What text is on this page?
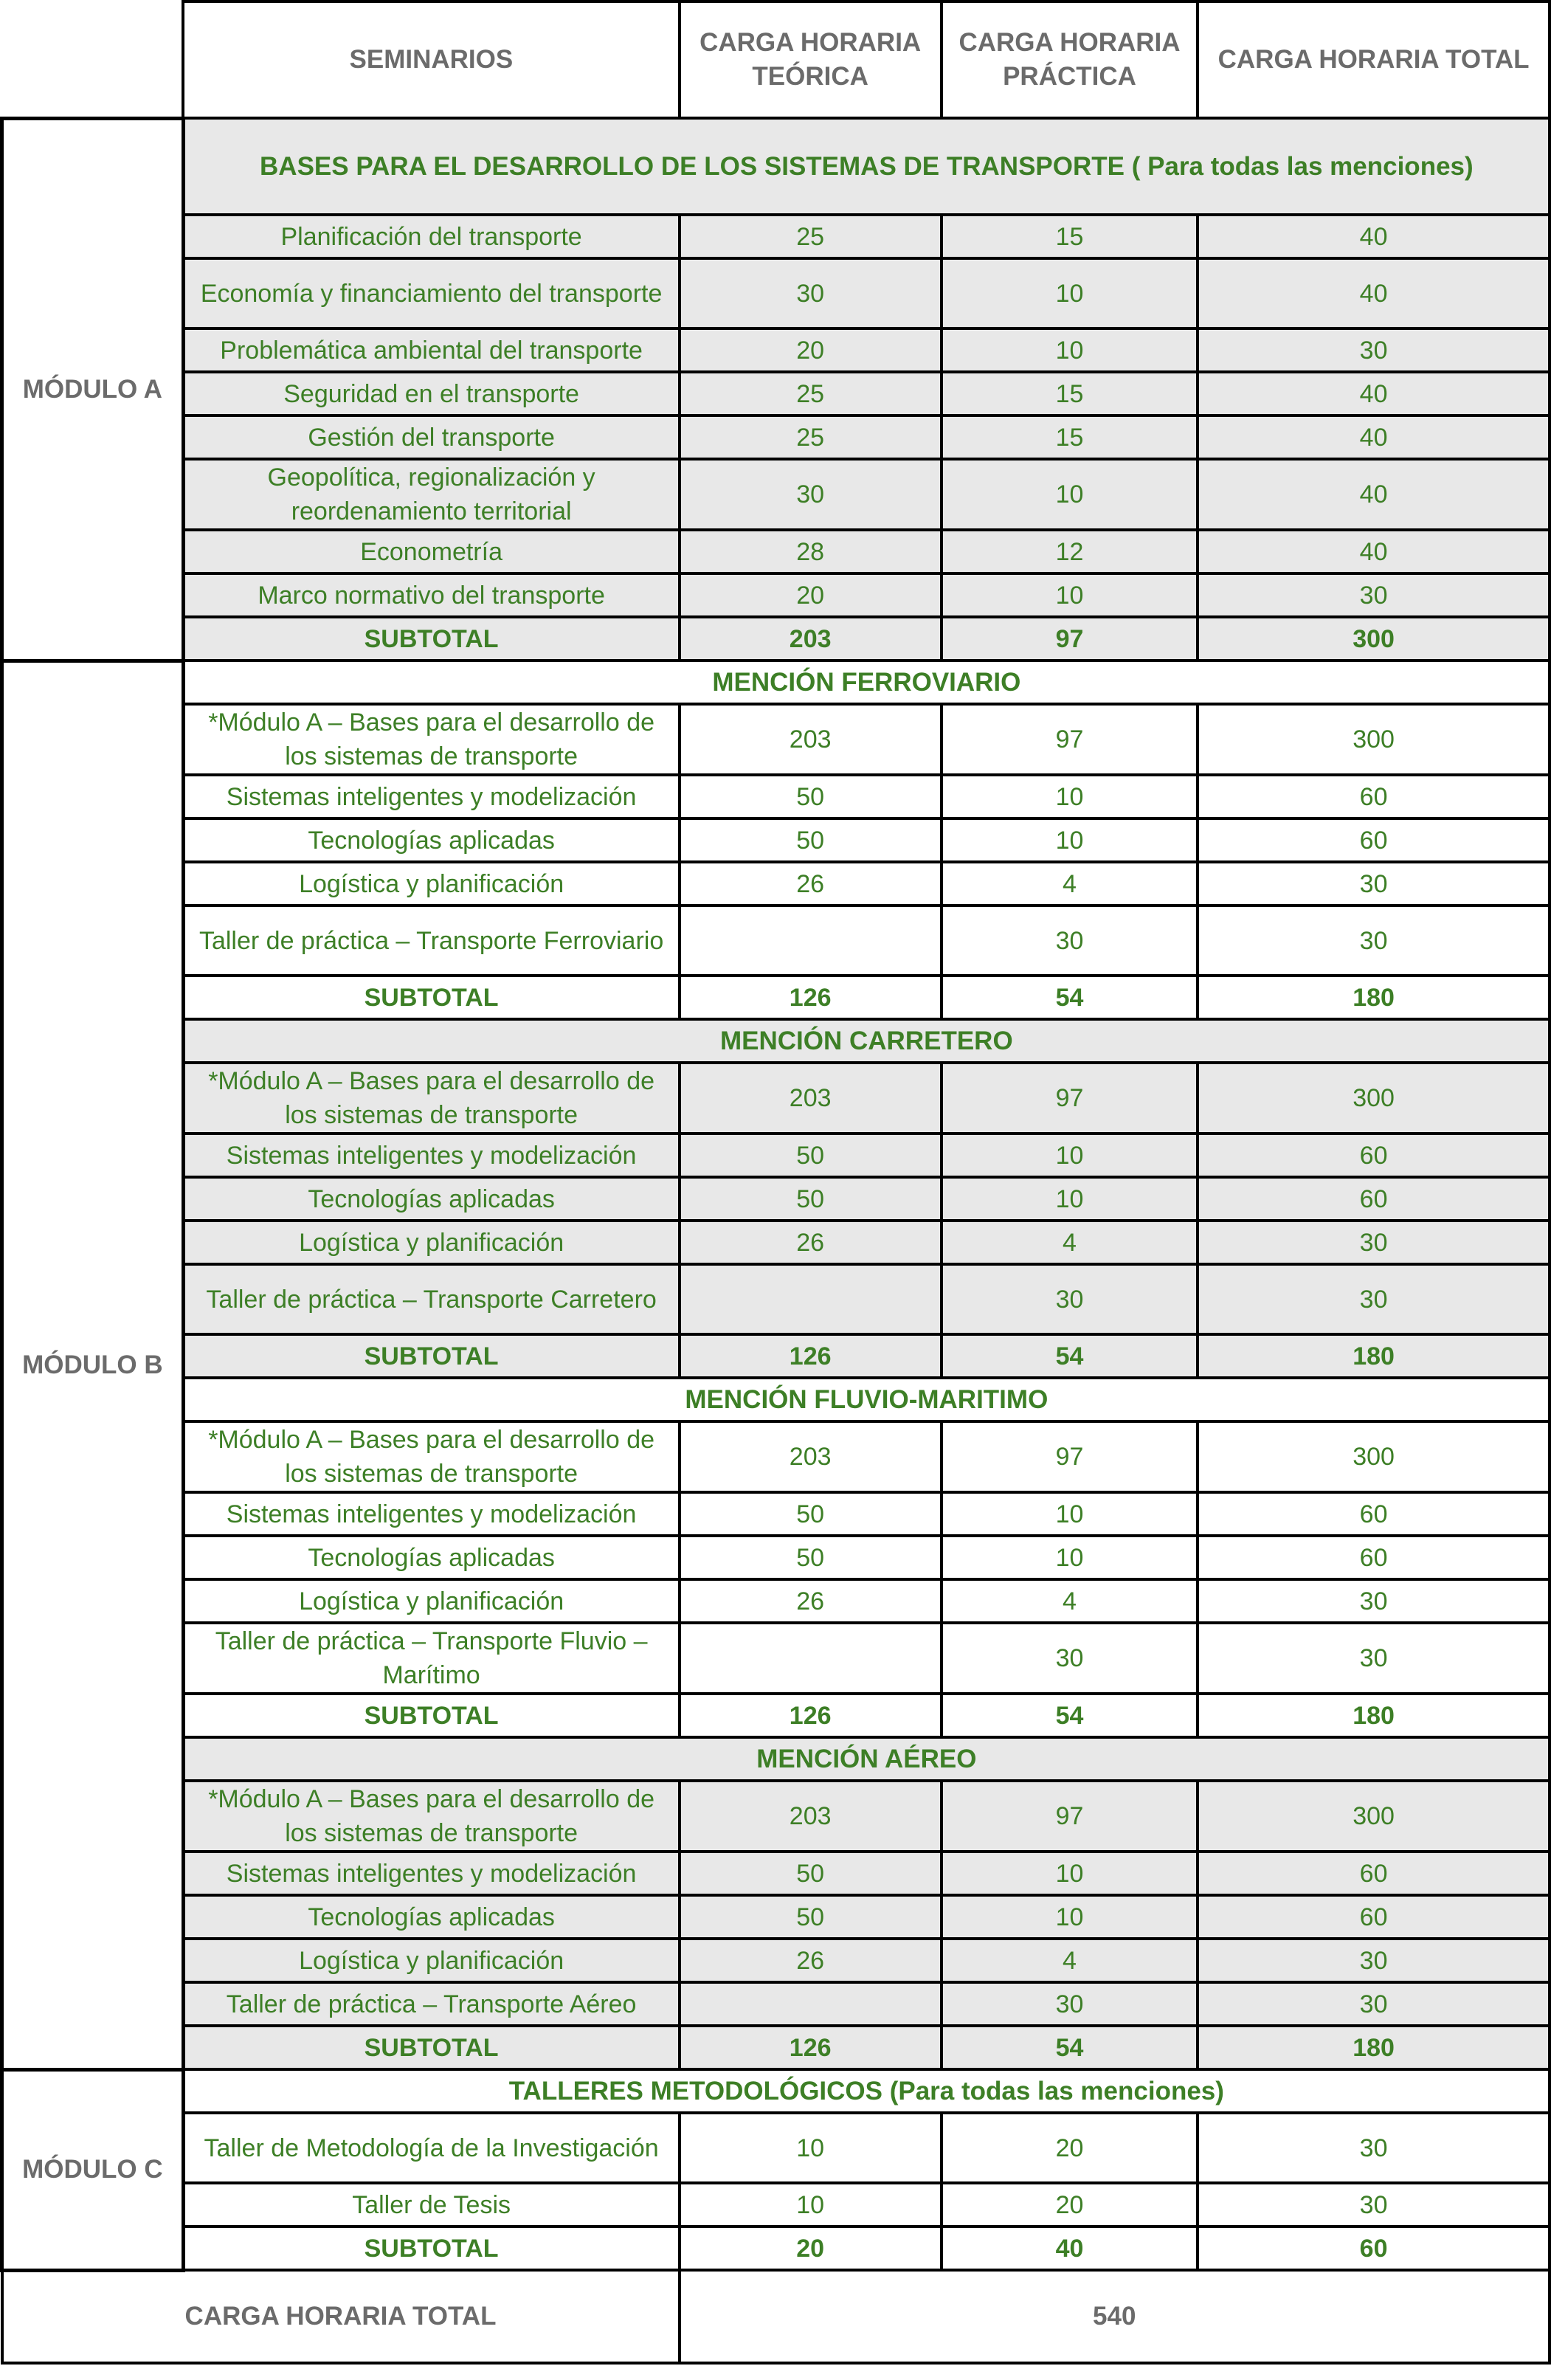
	SEMINARIOS	CARGA HORARIA TEÓRICA	CARGA HORARIA PRÁCTICA	CARGA HORARIA TOTAL
MÓDULO A	BASES PARA EL DESARROLLO DE LOS SISTEMAS DE TRANSPORTE ( Para todas las menciones)			
	Planificación del transporte	25	15	40
	Economía y financiamiento del transporte	30	10	40
	Problemática ambiental del transporte	20	10	30
	Seguridad en el transporte	25	15	40
	Gestión del transporte	25	15	40
	Geopolítica, regionalización y reordenamiento territorial	30	10	40
	Econometría	28	12	40
	Marco normativo del transporte	20	10	30
	SUBTOTAL	203	97	300
MÓDULO B	MENCIÓN FERROVIARIO			
	*Módulo A – Bases para el desarrollo de los sistemas de transporte	203	97	300
	Sistemas inteligentes y modelización	50	10	60
	Tecnologías aplicadas	50	10	60
	Logística y planificación	26	4	30
	Taller de práctica – Transporte Ferroviario		30	30
	SUBTOTAL	126	54	180
	MENCIÓN CARRETERO			
	*Módulo A – Bases para el desarrollo de los sistemas de transporte	203	97	300
	Sistemas inteligentes y modelización	50	10	60
	Tecnologías aplicadas	50	10	60
	Logística y planificación	26	4	30
	Taller de práctica – Transporte Carretero		30	30
	SUBTOTAL	126	54	180
	MENCIÓN FLUVIO-MARITIMO			
	*Módulo A – Bases para el desarrollo de los sistemas de transporte	203	97	300
	Sistemas inteligentes y modelización	50	10	60
	Tecnologías aplicadas	50	10	60
	Logística y planificación	26	4	30
	Taller de práctica – Transporte Fluvio – Marítimo		30	30
	SUBTOTAL	126	54	180
	MENCIÓN AÉREO			
	*Módulo A – Bases para el desarrollo de los sistemas de transporte	203	97	300
	Sistemas inteligentes y modelización	50	10	60
	Tecnologías aplicadas	50	10	60
	Logística y planificación	26	4	30
	Taller de práctica – Transporte Aéreo		30	30
	SUBTOTAL	126	54	180
MÓDULO C	TALLERES METODOLÓGICOS (Para todas las menciones)			
	Taller de Metodología de la Investigación	10	20	30
	Taller de Tesis	10	20	30
	SUBTOTAL	20	40	60
CARGA HORARIA TOTAL		540		
